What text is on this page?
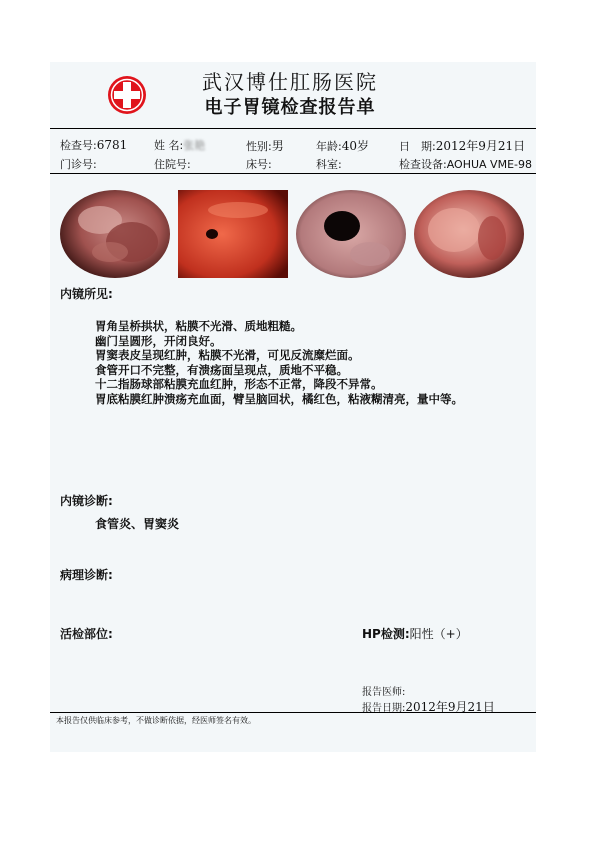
武汉博仕肛肠医院
电子胃镜检查报告单
检查号:6781 姓 名:张艳	性别:男	年龄:40岁	日　期:2012年9月21日
门诊号:	住院号:	床号:	科室:	检查设备:AOHUA VME-98
内镜所见:
胃角呈桥拱状，粘膜不光滑、质地粗糙。
幽门呈圆形，开闭良好。
胃窦表皮呈现红肿，粘膜不光滑，可见反流糜烂面。
食管开口不完整，有溃疡面呈现点，质地不平稳。
十二指肠球部粘膜充血红肿，形态不正常，降段不异常。
胃底粘膜红肿溃疡充血面，臂呈脑回状，橘红色，粘液糊清亮，量中等。
内镜诊断:
食管炎、胃窦炎
病理诊断:
活检部位:	HP检测:阳性（+）
报告医师:
报告日期:2012年9月21日
本报告仅供临床参考，不做诊断依据，经医师签名有效。
